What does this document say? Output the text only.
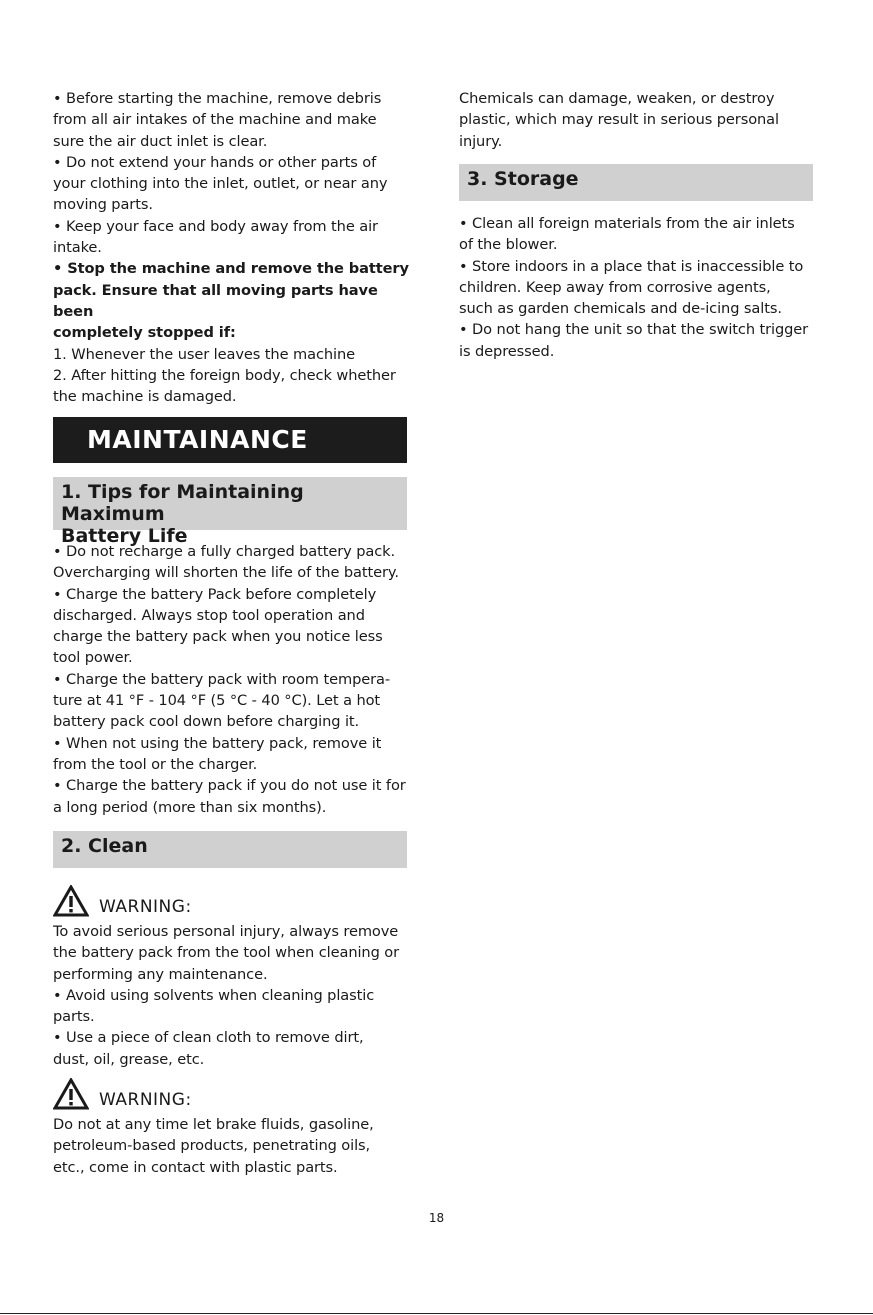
• Before starting the machine, remove debris
from all air intakes of the machine and make
sure the air duct inlet is clear.
• Do not extend your hands or other parts of
your clothing into the inlet, outlet, or near any
moving parts.
• Keep your face and body away from the air
intake.

• Stop the machine and remove the battery
pack. Ensure that all moving parts have been
completely stopped if:

1. Whenever the user leaves the machine
2. After hitting the foreign body, check whether
the machine is damaged.

MAINTAINANCE
1. Tips for Maintaining Maximum
Battery Life

• Do not recharge a fully charged battery pack.
Overcharging will shorten the life of the battery.
• Charge the battery Pack before completely
discharged. Always stop tool operation and
charge the battery pack when you notice less
tool power.
• Charge the battery pack with room tempera-
ture at 41 °F - 104 °F (5 °C - 40 °C). Let a hot
battery pack cool down before charging it.
• When not using the battery pack, remove it
from the tool or the charger.
• Charge the battery pack if you do not use it for
a long period (more than six months).

2. Clean
WARNING:

To avoid serious personal injury, always remove
the battery pack from the tool when cleaning or
performing any maintenance.
• Avoid using solvents when cleaning plastic
parts.
• Use a piece of clean cloth to remove dirt,
dust, oil, grease, etc.

WARNING:

Do not at any time let brake fluids, gasoline,
petroleum-based products, penetrating oils,
etc., come in contact with plastic parts.

Chemicals can damage, weaken, or destroy
plastic, which may result in serious personal
injury.

3. Storage

• Clean all foreign materials from the air inlets
of the blower.
• Store indoors in a place that is inaccessible to
children. Keep away from corrosive agents,
such as garden chemicals and de-icing salts.
• Do not hang the unit so that the switch trigger
is depressed.

18
